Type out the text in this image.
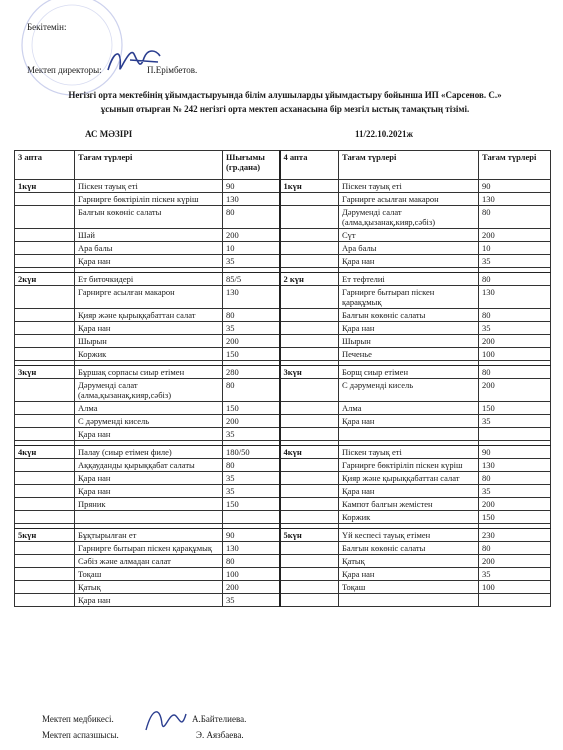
Бекітемін:
Мектеп директоры:	П.Ерімбетов.
Негізгі орта мектебінің ұйымдастыруында білім алушыларды ұйымдастыру бойынша ИП «Сарсенов. С.»
ұсынып отырған № 242 негізгі орта мектеп асханасына бір мезгіл ыстық тамақтың тізімі.
АС МӘЗІРІ	11/22.10.2021ж
3 апта	Тағам түрлері	Шығымы (гр.дана)	4 апта	Тағам түрлері	Тағам түрлері
1күн	Піскен тауық еті	90	1күн	Піскен тауық еті	90
	Гарнирге бөктіріліп піскен күріш	130		Гарнирге асылған макарон	130
	Балғын көкөніс салаты	80		Дәрумендi салат (алма,қызанақ,кияр,сәбіз)	80
	Шәй	200		Сүт	200
	Ара балы	10		Ара балы	10
	Қара нан	35		Қара нан	35

2күн	Ет биточкидері	85/5	2 күн	Ет тефтелиі	80
	Гарнирге асылған макарон	130		Гарнирге бытырап піскен қарақұмық	130
	Қияр және қырыққабаттан салат	80		Балғын көкөніс салаты	80
	Қара нан	35		Қара нан	35
	Шырын	200		Шырын	200
	Коржик	150		Печенье	100

3күн	Бұршақ сорпасы сиыр етімен	280	3күн	Борщ сиыр етімен	80
	Дәрумендi салат (алма,қызанақ,кияр,сәбіз)	80		С дәрумендi кисель	200
	Алма	150		Алма	150
	С дәрумендi кисель	200		Қара нан	35
	Қара нан	35			

4күн	Палау (сиыр етімен филе)	180/50	4күн	Піскен тауық еті	90
	Аққауданды қырыққабат салаты	80		Гарнирге бөктіріліп піскен күріш	130
	Қара нан	35		Қияр және қырыққабаттан салат	80
	Қара нан	35		Қара нан	35
	Пряник	150		Кампот балғын жемістен	200
				Коржик	150

5күн	Бұқтырылған ет	90	5күн	Үй кеспесі тауық етімен	230
	Гарнирге бытырап піскен қарақұмық	130		Балғын көкөніс салаты	80
	Сәбіз және алмадан салат	80		Қатық	200
	Тоқаш	100		Қара нан	35
	Қатық	200		Тоқаш	100
	Қара нан	35			
Мектеп медбикесі.
Мектеп аспазшысы.
А.Байтелиева.
Э. Аязбаева.
